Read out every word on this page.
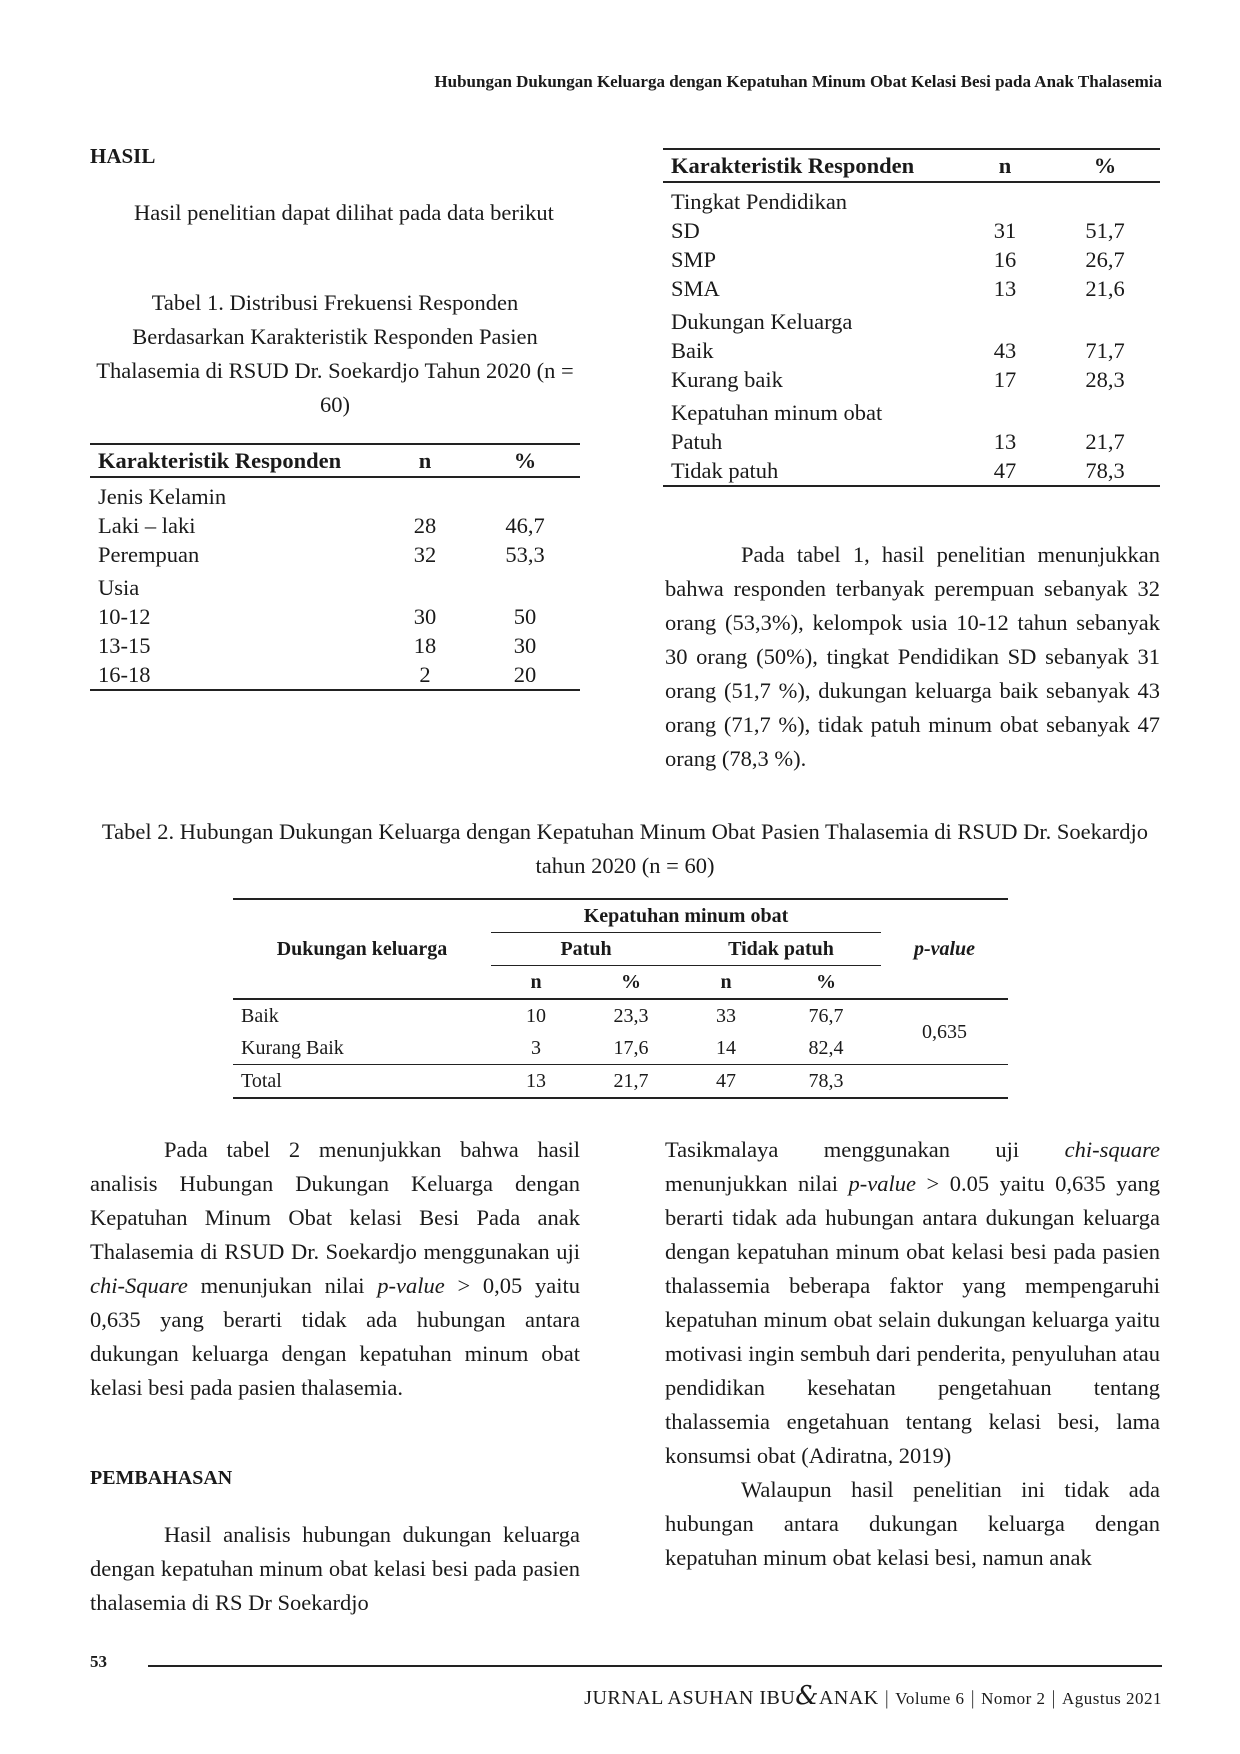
Hubungan Dukungan Keluarga dengan Kepatuhan Minum Obat Kelasi Besi pada Anak Thalasemia
HASIL
Hasil penelitian dapat dilihat pada data berikut
Tabel 1. Distribusi Frekuensi Responden Berdasarkan Karakteristik Responden Pasien Thalasemia di RSUD Dr. Soekardjo Tahun 2020 (n = 60)
Karakteristik Responden	n	%
Jenis Kelamin		
Laki – laki	28	46,7
Perempuan	32	53,3
Usia		
10-12	30	50
13-15	18	30
16-18	2	20
Karakteristik Responden	n	%
Tingkat Pendidikan		
SD	31	51,7
SMP	16	26,7
SMA	13	21,6
Dukungan Keluarga		
Baik	43	71,7
Kurang baik	17	28,3
Kepatuhan minum obat		
Patuh	13	21,7
Tidak patuh	47	78,3
Pada tabel 1, hasil penelitian menunjukkan bahwa responden terbanyak perempuan sebanyak 32 orang (53,3%), kelompok usia 10-12 tahun sebanyak 30 orang (50%), tingkat Pendidikan SD sebanyak 31 orang (51,7 %), dukungan keluarga baik sebanyak 43 orang (71,7 %), tidak patuh minum obat sebanyak 47 orang (78,3 %).
Tabel 2. Hubungan Dukungan Keluarga dengan Kepatuhan Minum Obat Pasien Thalasemia di RSUD Dr. Soekardjo tahun 2020 (n = 60)
Dukungan keluarga	Kepatuhan minum obat				p-value
	Patuh		Tidak patuh		
	n	%	n	%	
Baik	10	23,3	33	76,7	0,635
Kurang Baik	3	17,6	14	82,4	
Total	13	21,7	47	78,3	
Pada tabel 2 menunjukkan bahwa hasil analisis Hubungan Dukungan Keluarga dengan Kepatuhan Minum Obat kelasi Besi Pada anak Thalasemia di RSUD Dr. Soekardjo menggunakan uji chi-Square menunjukan nilai p-value > 0,05 yaitu 0,635 yang berarti tidak ada hubungan antara dukungan keluarga dengan kepatuhan minum obat kelasi besi pada pasien thalasemia.
PEMBAHASAN
Hasil analisis hubungan dukungan keluarga dengan kepatuhan minum obat kelasi besi pada pasien thalasemia di RS Dr Soekardjo
Tasikmalaya menggunakan uji chi-square menunjukkan nilai p-value > 0.05 yaitu 0,635 yang berarti tidak ada hubungan antara dukungan keluarga dengan kepatuhan minum obat kelasi besi pada pasien thalassemia beberapa faktor yang mempengaruhi kepatuhan minum obat selain dukungan keluarga yaitu motivasi ingin sembuh dari penderita, penyuluhan atau pendidikan kesehatan pengetahuan tentang thalassemia engetahuan tentang kelasi besi, lama konsumsi obat (Adiratna, 2019)
Walaupun hasil penelitian ini tidak ada hubungan antara dukungan keluarga dengan kepatuhan minum obat kelasi besi, namun anak
53
JURNAL ASUHAN IBU&ANAK | Volume 6 | Nomor 2 | Agustus 2021
